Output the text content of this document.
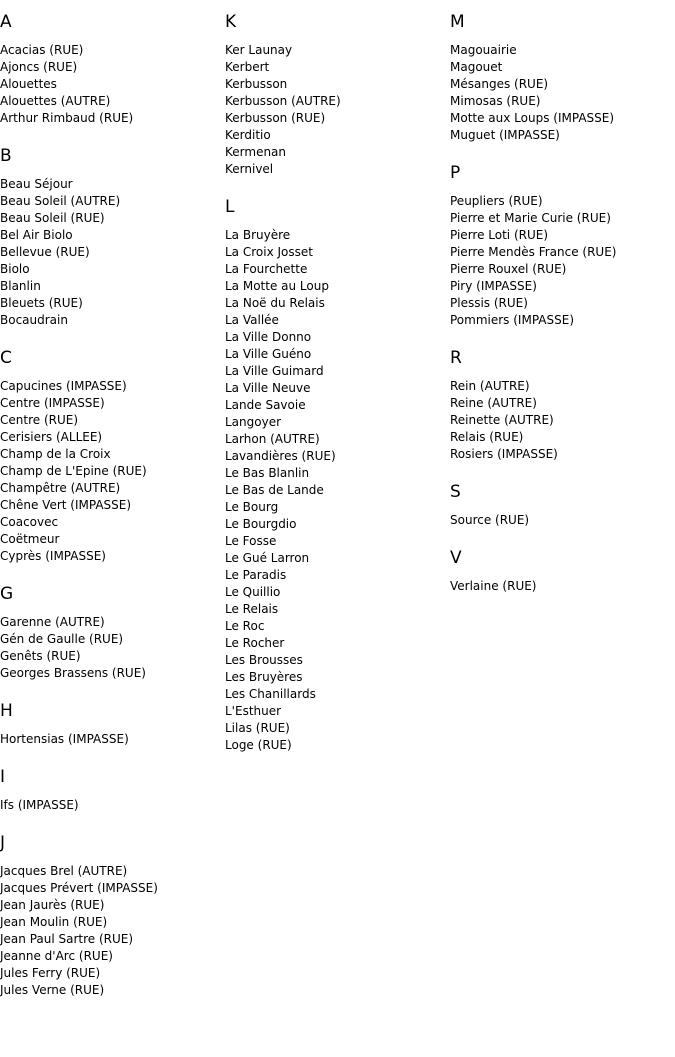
A
Acacias (RUE)
Ajoncs (RUE)
Alouettes
Alouettes (AUTRE)
Arthur Rimbaud (RUE)
B
Beau Séjour
Beau Soleil (AUTRE)
Beau Soleil (RUE)
Bel Air Biolo
Bellevue (RUE)
Biolo
Blanlin
Bleuets (RUE)
Bocaudrain
C
Capucines (IMPASSE)
Centre (IMPASSE)
Centre (RUE)
Cerisiers (ALLEE)
Champ de la Croix
Champ de L'Epine (RUE)
Champêtre (AUTRE)
Chêne Vert (IMPASSE)
Coacovec
Coëtmeur
Cyprès (IMPASSE)
G
Garenne (AUTRE)
Gén de Gaulle (RUE)
Genêts (RUE)
Georges Brassens (RUE)
H
Hortensias (IMPASSE)
I
Ifs (IMPASSE)
J
Jacques Brel (AUTRE)
Jacques Prévert (IMPASSE)
Jean Jaurès (RUE)
Jean Moulin (RUE)
Jean Paul Sartre (RUE)
Jeanne d'Arc (RUE)
Jules Ferry (RUE)
Jules Verne (RUE)
K
Ker Launay
Kerbert
Kerbusson
Kerbusson (AUTRE)
Kerbusson (RUE)
Kerditio
Kermenan
Kernivel
L
La Bruyère
La Croix Josset
La Fourchette
La Motte au Loup
La Noë du Relais
La Vallée
La Ville Donno
La Ville Guéno
La Ville Guimard
La Ville Neuve
Lande Savoie
Langoyer
Larhon (AUTRE)
Lavandières (RUE)
Le Bas Blanlin
Le Bas de Lande
Le Bourg
Le Bourgdio
Le Fosse
Le Gué Larron
Le Paradis
Le Quillio
Le Relais
Le Roc
Le Rocher
Les Brousses
Les Bruyères
Les Chanillards
L'Esthuer
Lilas (RUE)
Loge (RUE)
M
Magouairie
Magouet
Mésanges (RUE)
Mimosas (RUE)
Motte aux Loups (IMPASSE)
Muguet (IMPASSE)
P
Peupliers (RUE)
Pierre et Marie Curie (RUE)
Pierre Loti (RUE)
Pierre Mendès France (RUE)
Pierre Rouxel (RUE)
Piry (IMPASSE)
Plessis (RUE)
Pommiers (IMPASSE)
R
Rein (AUTRE)
Reine (AUTRE)
Reinette (AUTRE)
Relais (RUE)
Rosiers (IMPASSE)
S
Source (RUE)
V
Verlaine (RUE)
